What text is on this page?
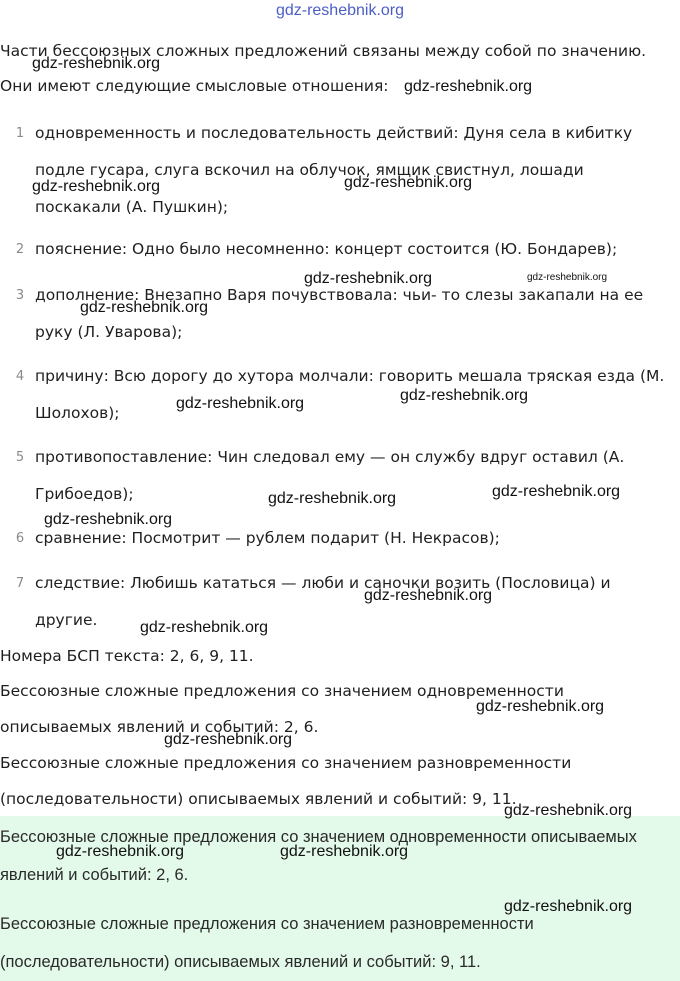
gdz-reshebnik.org

Части бессоюзных сложных предложений связаны между собой по значению. Они имеют следующие смысловые отношения:

1 одновременность и последовательность действий: Дуня села в кибитку подле гусара, слуга вскочил на облучок, ямщик свистнул, лошади поскакали (А. Пушкин);
2 пояснение: Одно было несомненно: концерт состоится (Ю. Бондарев);
3 дополнение: Внезапно Варя почувствовала: чьи- то слезы закапали на ее руку (Л. Уварова);
4 причину: Всю дорогу до хутора молчали: говорить мешала тряская езда (М. Шолохов);
5 противопоставление: Чин следовал ему — он службу вдруг оставил (А. Грибоедов);
6 сравнение: Посмотрит — рублем подарит (Н. Некрасов);
7 следствие: Любишь кататься — люби и саночки возить (Пословица) и другие.

Номера БСП текста: 2, 6, 9, 11.

Бессоюзные сложные предложения со значением одновременности описываемых явлений и событий: 2, 6.

Бессоюзные сложные предложения со значением разновременности (последовательности) описываемых явлений и событий: 9, 11.

Бессоюзные сложные предложения со значением одновременности описываемых явлений и событий: 2, 6.

Бессоюзные сложные предложения со значением разновременности (последовательности) описываемых явлений и событий: 9, 11.

gdz-reshebnik.org
gdz-reshebnik.org
gdz-reshebnik.org	gdz-reshebnik.org
gdz-reshebnik.org	gdz-reshebnik.org
gdz-reshebnik.org
gdz-reshebnik.org	gdz-reshebnik.org
gdz-reshebnik.org	gdz-reshebnik.org
gdz-reshebnik.org
gdz-reshebnik.org
gdz-reshebnik.org
gdz-reshebnik.org
gdz-reshebnik.org
gdz-reshebnik.org
gdz-reshebnik.org	gdz-reshebnik.org
gdz-reshebnik.org
